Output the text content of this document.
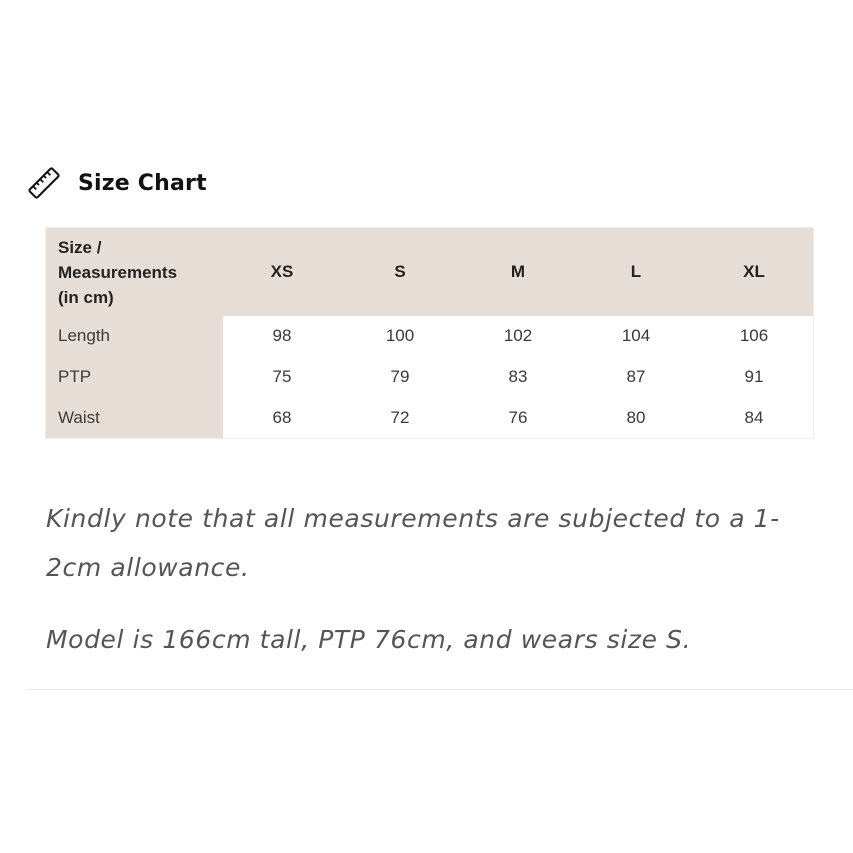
Size Chart
Size /
Measurements
(in cm)	XS	S	M	L	XL
Length	98	100	102	104	106
PTP	75	79	83	87	91
Waist	68	72	76	80	84

Kindly note that all measurements are subjected to a 1-2cm allowance.

Model is 166cm tall, PTP 76cm, and wears size S.
